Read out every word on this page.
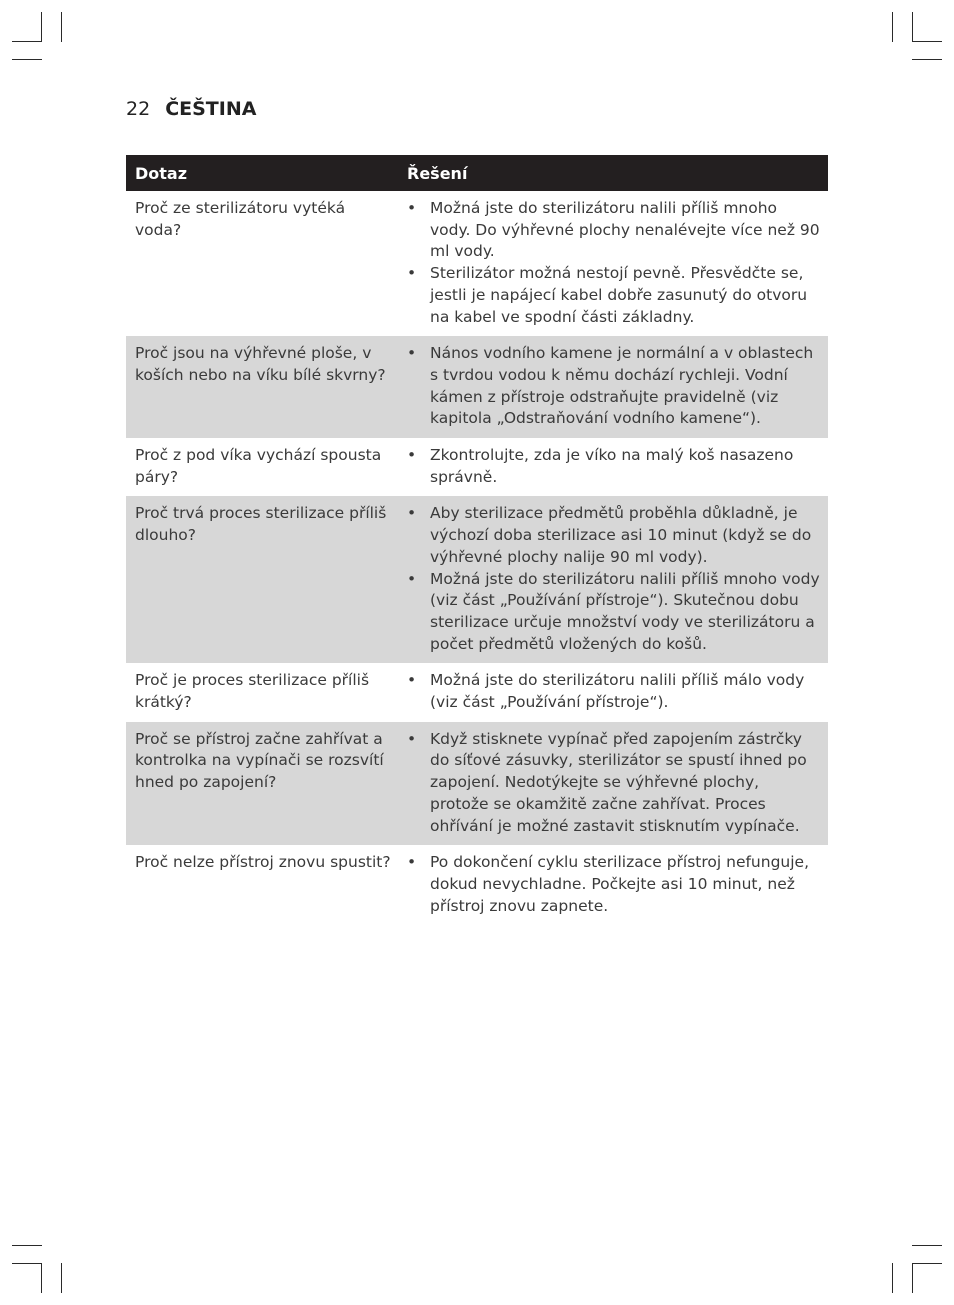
22 ČEŠTINA
Dotaz	Řešení
Proč ze sterilizátoru vytéká voda?
• Možná jste do sterilizátoru nalili příliš mnoho vody. Do výhřevné plochy nenalévejte více než 90 ml vody.
• Sterilizátor možná nestojí pevně. Přesvědčte se, jestli je napájecí kabel dobře zasunutý do otvoru na kabel ve spodní části základny.
Proč jsou na výhřevné ploše, v koších nebo na víku bílé skvrny?
• Nános vodního kamene je normální a v oblastech s tvrdou vodou k němu dochází rychleji. Vodní kámen z přístroje odstraňujte pravidelně (viz kapitola „Odstraňování vodního kamene“).
Proč z pod víka vychází spousta páry?
• Zkontrolujte, zda je víko na malý koš nasazeno správně.
Proč trvá proces sterilizace příliš dlouho?
• Aby sterilizace předmětů proběhla důkladně, je výchozí doba sterilizace asi 10 minut (když se do výhřevné plochy nalije 90 ml vody).
• Možná jste do sterilizátoru nalili příliš mnoho vody (viz část „Používání přístroje“). Skutečnou dobu sterilizace určuje množství vody ve sterilizátoru a počet předmětů vložených do košů.
Proč je proces sterilizace příliš krátký?
• Možná jste do sterilizátoru nalili příliš málo vody (viz část „Používání přístroje“).
Proč se přístroj začne zahřívat a kontrolka na vypínači se rozsvítí hned po zapojení?
• Když stisknete vypínač před zapojením zástrčky do síťové zásuvky, sterilizátor se spustí ihned po zapojení. Nedotýkejte se výhřevné plochy, protože se okamžitě začne zahřívat. Proces ohřívání je možné zastavit stisknutím vypínače.
Proč nelze přístroj znovu spustit?
•	Po dokončení cyklu sterilizace přístroj nefunguje, dokud nevychladne. Počkejte asi 10 minut, než přístroj znovu zapnete.
